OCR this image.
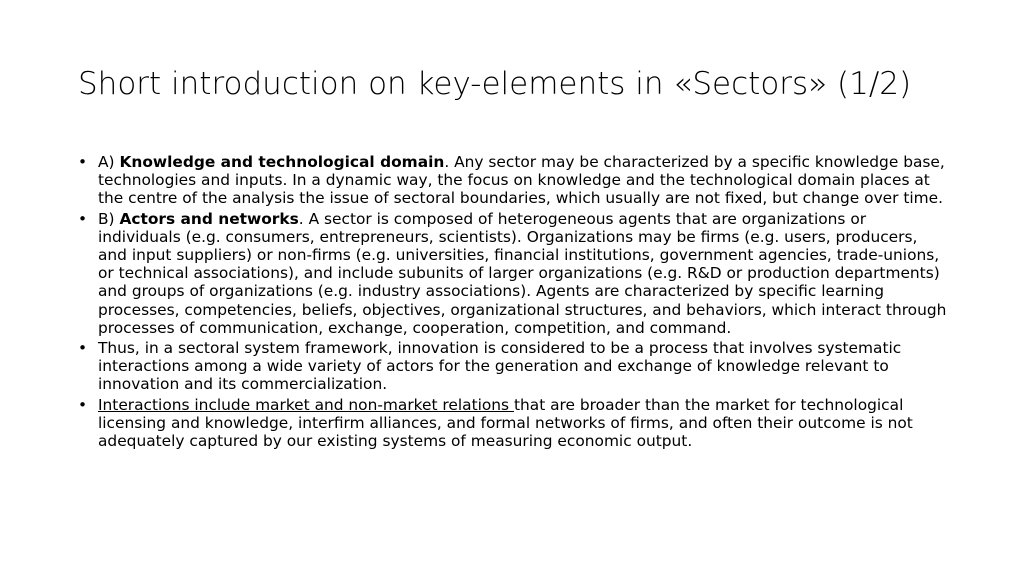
Short introduction on key-elements in «Sectors» (1/2)
• A) Knowledge and technological domain. Any sector may be characterized by a specific knowledge base, technologies and inputs. In a dynamic way, the focus on knowledge and the technological domain places at the centre of the analysis the issue of sectoral boundaries, which usually are not fixed, but change over time.
• B) Actors and networks. A sector is composed of heterogeneous agents that are organizations or individuals (e.g. consumers, entrepreneurs, scientists). Organizations may be firms (e.g. users, producers, and input suppliers) or non-firms (e.g. universities, financial institutions, government agencies, trade-unions, or technical associations), and include subunits of larger organizations (e.g. R&D or production departments) and groups of organizations (e.g. industry associations). Agents are characterized by specific learning processes, competencies, beliefs, objectives, organizational structures, and behaviors, which interact through processes of communication, exchange, cooperation, competition, and command.
• Thus, in a sectoral system framework, innovation is considered to be a process that involves systematic interactions among a wide variety of actors for the generation and exchange of knowledge relevant to innovation and its commercialization.
• Interactions include market and non-market relations that are broader than the market for technological licensing and knowledge, interfirm alliances, and formal networks of firms, and often their outcome is not adequately captured by our existing systems of measuring economic output.
